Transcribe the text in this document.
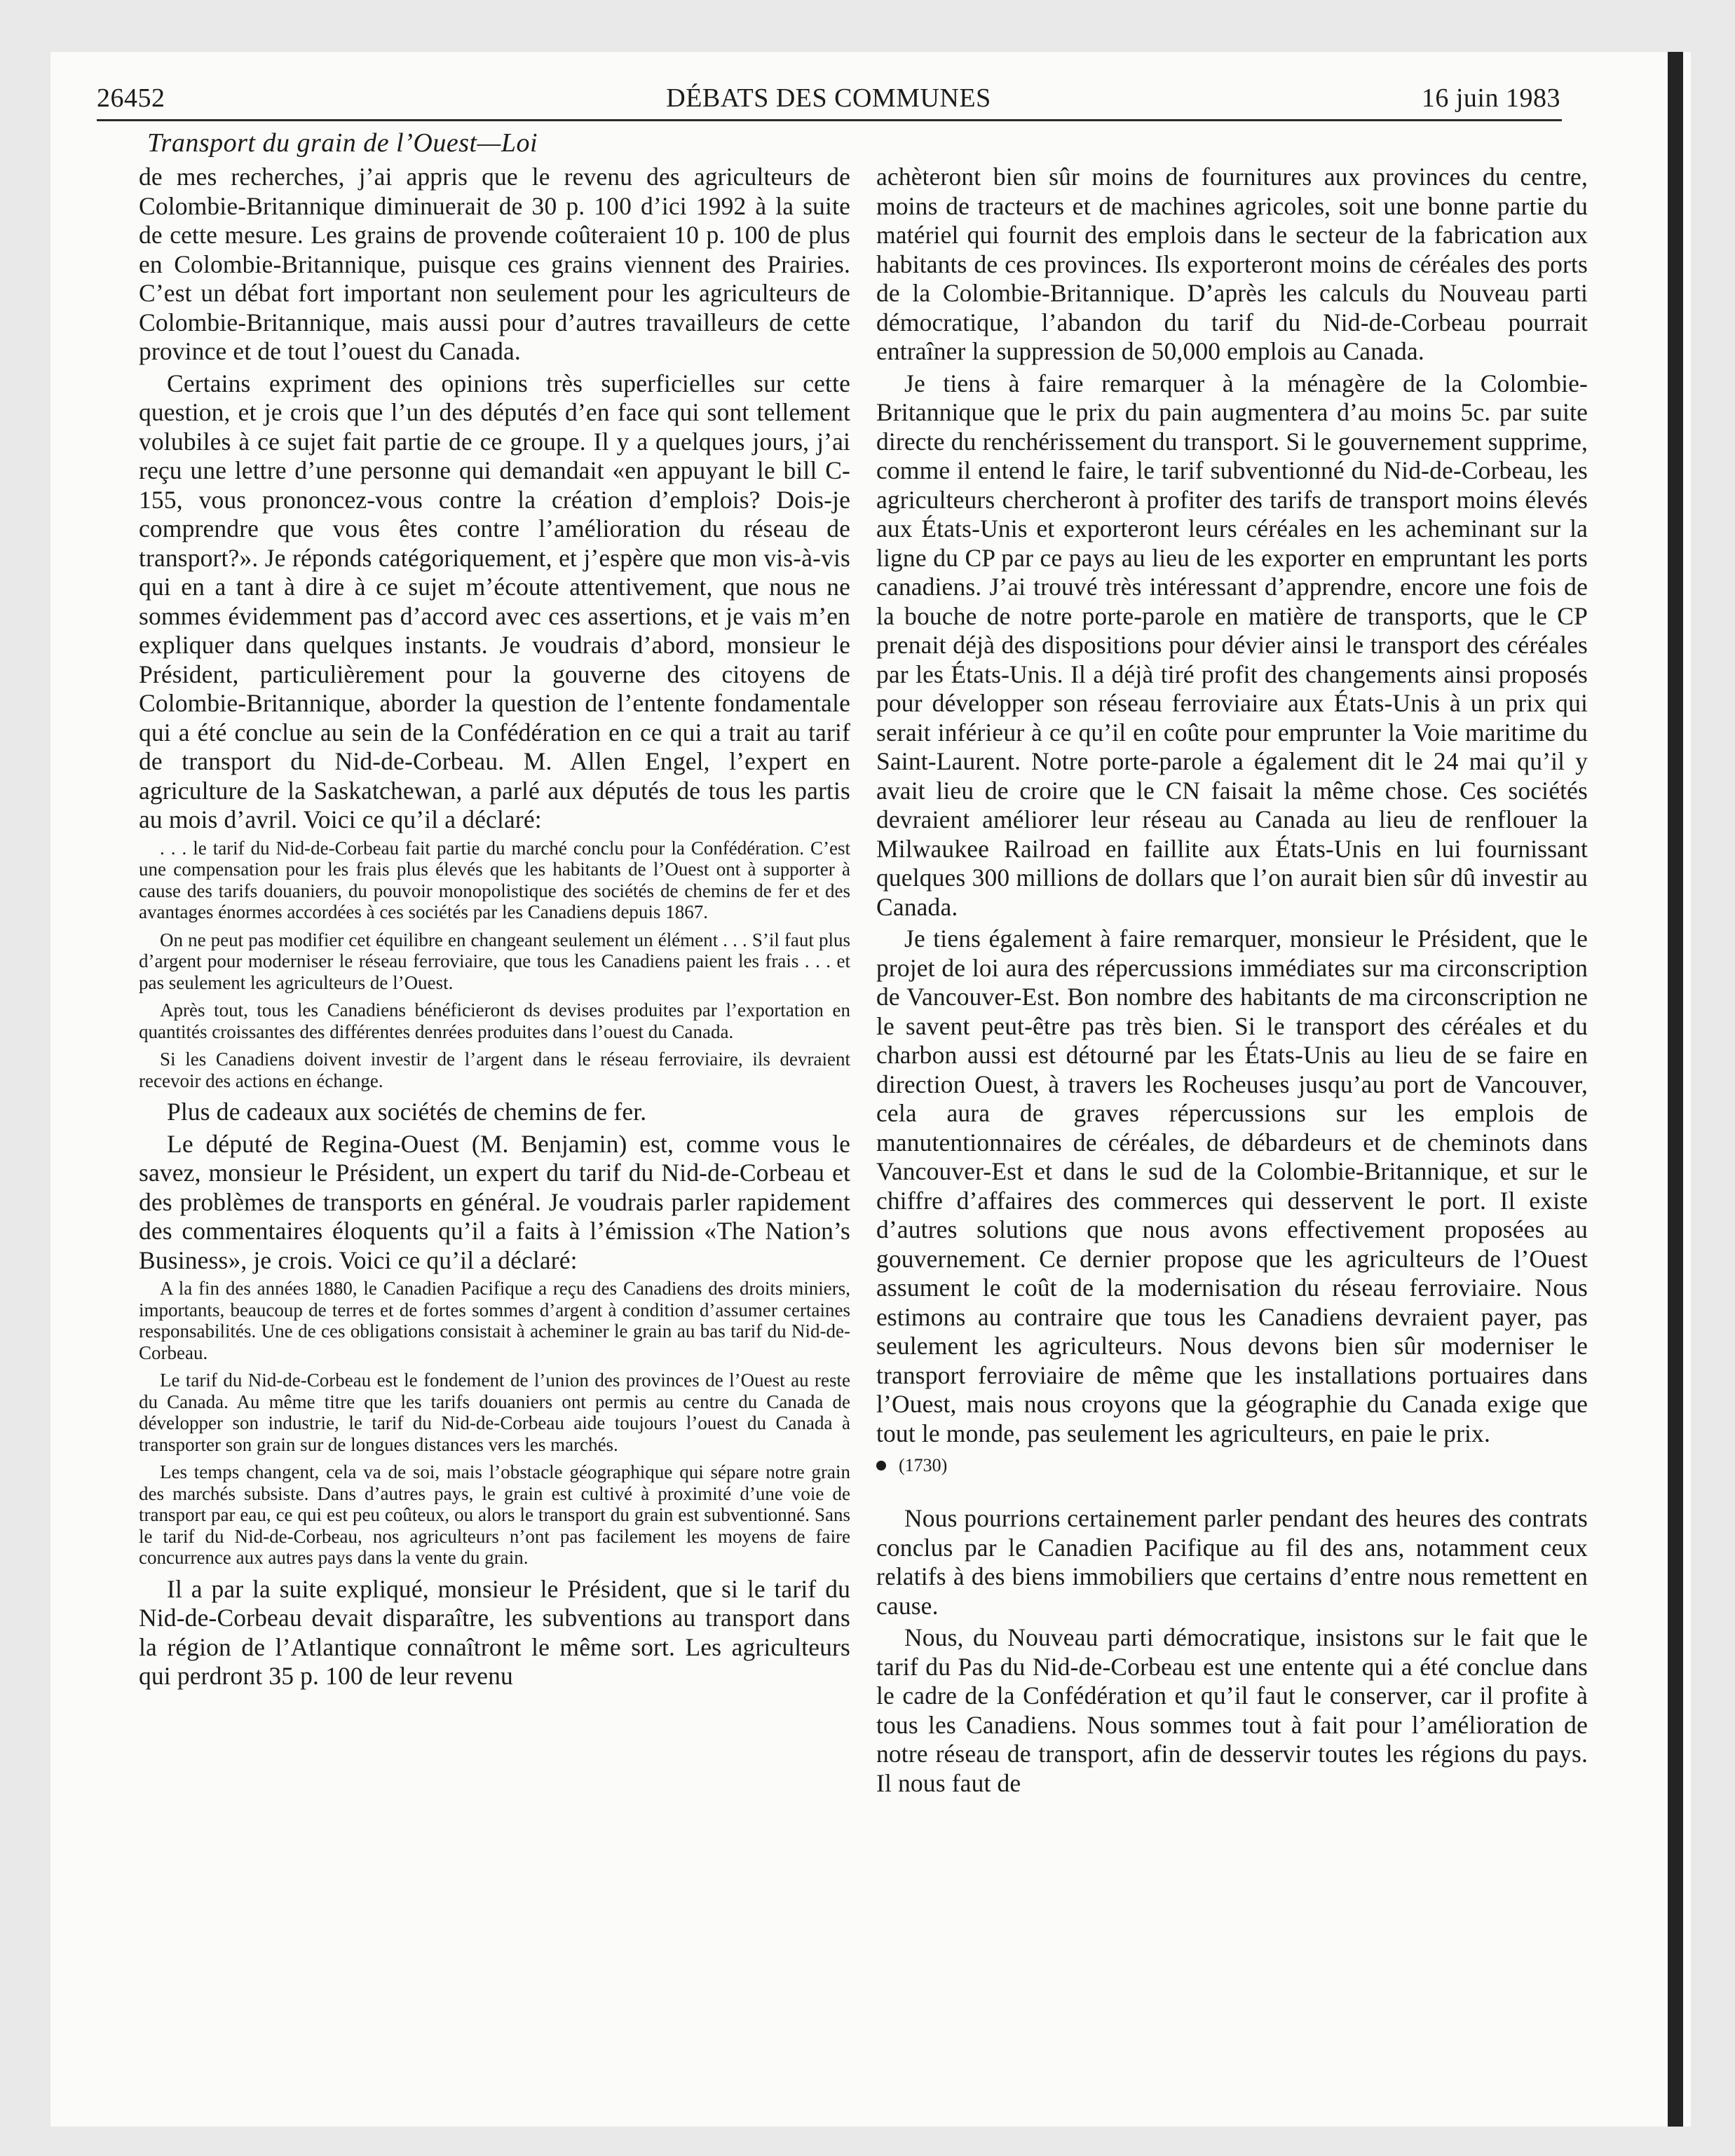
26452	DÉBATS DES COMMUNES	16 juin 1983
Transport du grain de l’Ouest—Loi

de mes recherches, j’ai appris que le revenu des agriculteurs de Colombie-Britannique diminuerait de 30 p. 100 d’ici 1992 à la suite de cette mesure. Les grains de provende coûteraient 10 p. 100 de plus en Colombie-Britannique, puisque ces grains viennent des Prairies. C’est un débat fort important non seulement pour les agriculteurs de Colombie-Britannique, mais aussi pour d’autres travailleurs de cette province et de tout l’ouest du Canada.

Certains expriment des opinions très superficielles sur cette question, et je crois que l’un des députés d’en face qui sont tellement volubiles à ce sujet fait partie de ce groupe. Il y a quelques jours, j’ai reçu une lettre d’une personne qui demandait «en appuyant le bill C-155, vous prononcez-vous contre la création d’emplois? Dois-je comprendre que vous êtes contre l’amélioration du réseau de transport?». Je réponds catégoriquement, et j’espère que mon vis-à-vis qui en a tant à dire à ce sujet m’écoute attentivement, que nous ne sommes évidemment pas d’accord avec ces assertions, et je vais m’en expliquer dans quelques instants. Je voudrais d’abord, monsieur le Président, particulièrement pour la gouverne des citoyens de Colombie-Britannique, aborder la question de l’entente fondamentale qui a été conclue au sein de la Confédération en ce qui a trait au tarif de transport du Nid-de-Corbeau. M. Allen Engel, l’expert en agriculture de la Saskatchewan, a parlé aux députés de tous les partis au mois d’avril. Voici ce qu’il a déclaré:

. . . le tarif du Nid-de-Corbeau fait partie du marché conclu pour la Confédération. C’est une compensation pour les frais plus élevés que les habitants de l’Ouest ont à supporter à cause des tarifs douaniers, du pouvoir monopolistique des sociétés de chemins de fer et des avantages énormes accordées à ces sociétés par les Canadiens depuis 1867.

On ne peut pas modifier cet équilibre en changeant seulement un élément . . . S’il faut plus d’argent pour moderniser le réseau ferroviaire, que tous les Canadiens paient les frais . . . et pas seulement les agriculteurs de l’Ouest.

Après tout, tous les Canadiens bénéficieront ds devises produites par l’exportation en quantités croissantes des différentes denrées produites dans l’ouest du Canada.

Si les Canadiens doivent investir de l’argent dans le réseau ferroviaire, ils devraient recevoir des actions en échange.

Plus de cadeaux aux sociétés de chemins de fer.

Le député de Regina-Ouest (M. Benjamin) est, comme vous le savez, monsieur le Président, un expert du tarif du Nid-de-Corbeau et des problèmes de transports en général. Je voudrais parler rapidement des commentaires éloquents qu’il a faits à l’émission «The Nation’s Business», je crois. Voici ce qu’il a déclaré:

A la fin des années 1880, le Canadien Pacifique a reçu des Canadiens des droits miniers, importants, beaucoup de terres et de fortes sommes d’argent à condition d’assumer certaines responsabilités. Une de ces obligations consistait à acheminer le grain au bas tarif du Nid-de-Corbeau.

Le tarif du Nid-de-Corbeau est le fondement de l’union des provinces de l’Ouest au reste du Canada. Au même titre que les tarifs douaniers ont permis au centre du Canada de développer son industrie, le tarif du Nid-de-Corbeau aide toujours l’ouest du Canada à transporter son grain sur de longues distances vers les marchés.

Les temps changent, cela va de soi, mais l’obstacle géographique qui sépare notre grain des marchés subsiste. Dans d’autres pays, le grain est cultivé à proximité d’une voie de transport par eau, ce qui est peu coûteux, ou alors le transport du grain est subventionné. Sans le tarif du Nid-de-Corbeau, nos agriculteurs n’ont pas facilement les moyens de faire concurrence aux autres pays dans la vente du grain.

Il a par la suite expliqué, monsieur le Président, que si le tarif du Nid-de-Corbeau devait disparaître, les subventions au transport dans la région de l’Atlantique connaîtront le même sort. Les agriculteurs qui perdront 35 p. 100 de leur revenu

achèteront bien sûr moins de fournitures aux provinces du centre, moins de tracteurs et de machines agricoles, soit une bonne partie du matériel qui fournit des emplois dans le secteur de la fabrication aux habitants de ces provinces. Ils exporteront moins de céréales des ports de la Colombie-Britannique. D’après les calculs du Nouveau parti démocratique, l’abandon du tarif du Nid-de-Corbeau pourrait entraîner la suppression de 50,000 emplois au Canada.

Je tiens à faire remarquer à la ménagère de la Colombie-Britannique que le prix du pain augmentera d’au moins 5c. par suite directe du renchérissement du transport. Si le gouvernement supprime, comme il entend le faire, le tarif subventionné du Nid-de-Corbeau, les agriculteurs chercheront à profiter des tarifs de transport moins élevés aux États-Unis et exporteront leurs céréales en les acheminant sur la ligne du CP par ce pays au lieu de les exporter en empruntant les ports canadiens. J’ai trouvé très intéressant d’apprendre, encore une fois de la bouche de notre porte-parole en matière de transports, que le CP prenait déjà des dispositions pour dévier ainsi le transport des céréales par les États-Unis. Il a déjà tiré profit des changements ainsi proposés pour développer son réseau ferroviaire aux États-Unis à un prix qui serait inférieur à ce qu’il en coûte pour emprunter la Voie maritime du Saint-Laurent. Notre porte-parole a également dit le 24 mai qu’il y avait lieu de croire que le CN faisait la même chose. Ces sociétés devraient améliorer leur réseau au Canada au lieu de renflouer la Milwaukee Railroad en faillite aux États-Unis en lui fournissant quelques 300 millions de dollars que l’on aurait bien sûr dû investir au Canada.

Je tiens également à faire remarquer, monsieur le Président, que le projet de loi aura des répercussions immédiates sur ma circonscription de Vancouver-Est. Bon nombre des habitants de ma circonscription ne le savent peut-être pas très bien. Si le transport des céréales et du charbon aussi est détourné par les États-Unis au lieu de se faire en direction Ouest, à travers les Rocheuses jusqu’au port de Vancouver, cela aura de graves répercussions sur les emplois de manutentionnaires de céréales, de débardeurs et de cheminots dans Vancouver-Est et dans le sud de la Colombie-Britannique, et sur le chiffre d’affaires des commerces qui desservent le port. Il existe d’autres solutions que nous avons effectivement proposées au gouvernement. Ce dernier propose que les agriculteurs de l’Ouest assument le coût de la modernisation du réseau ferroviaire. Nous estimons au contraire que tous les Canadiens devraient payer, pas seulement les agriculteurs. Nous devons bien sûr moderniser le transport ferroviaire de même que les installations portuaires dans l’Ouest, mais nous croyons que la géographie du Canada exige que tout le monde, pas seulement les agriculteurs, en paie le prix.

(1730)

Nous pourrions certainement parler pendant des heures des contrats conclus par le Canadien Pacifique au fil des ans, notamment ceux relatifs à des biens immobiliers que certains d’entre nous remettent en cause.

Nous, du Nouveau parti démocratique, insistons sur le fait que le tarif du Pas du Nid-de-Corbeau est une entente qui a été conclue dans le cadre de la Confédération et qu’il faut le conserver, car il profite à tous les Canadiens. Nous sommes tout à fait pour l’amélioration de notre réseau de transport, afin de desservir toutes les régions du pays. Il nous faut de
